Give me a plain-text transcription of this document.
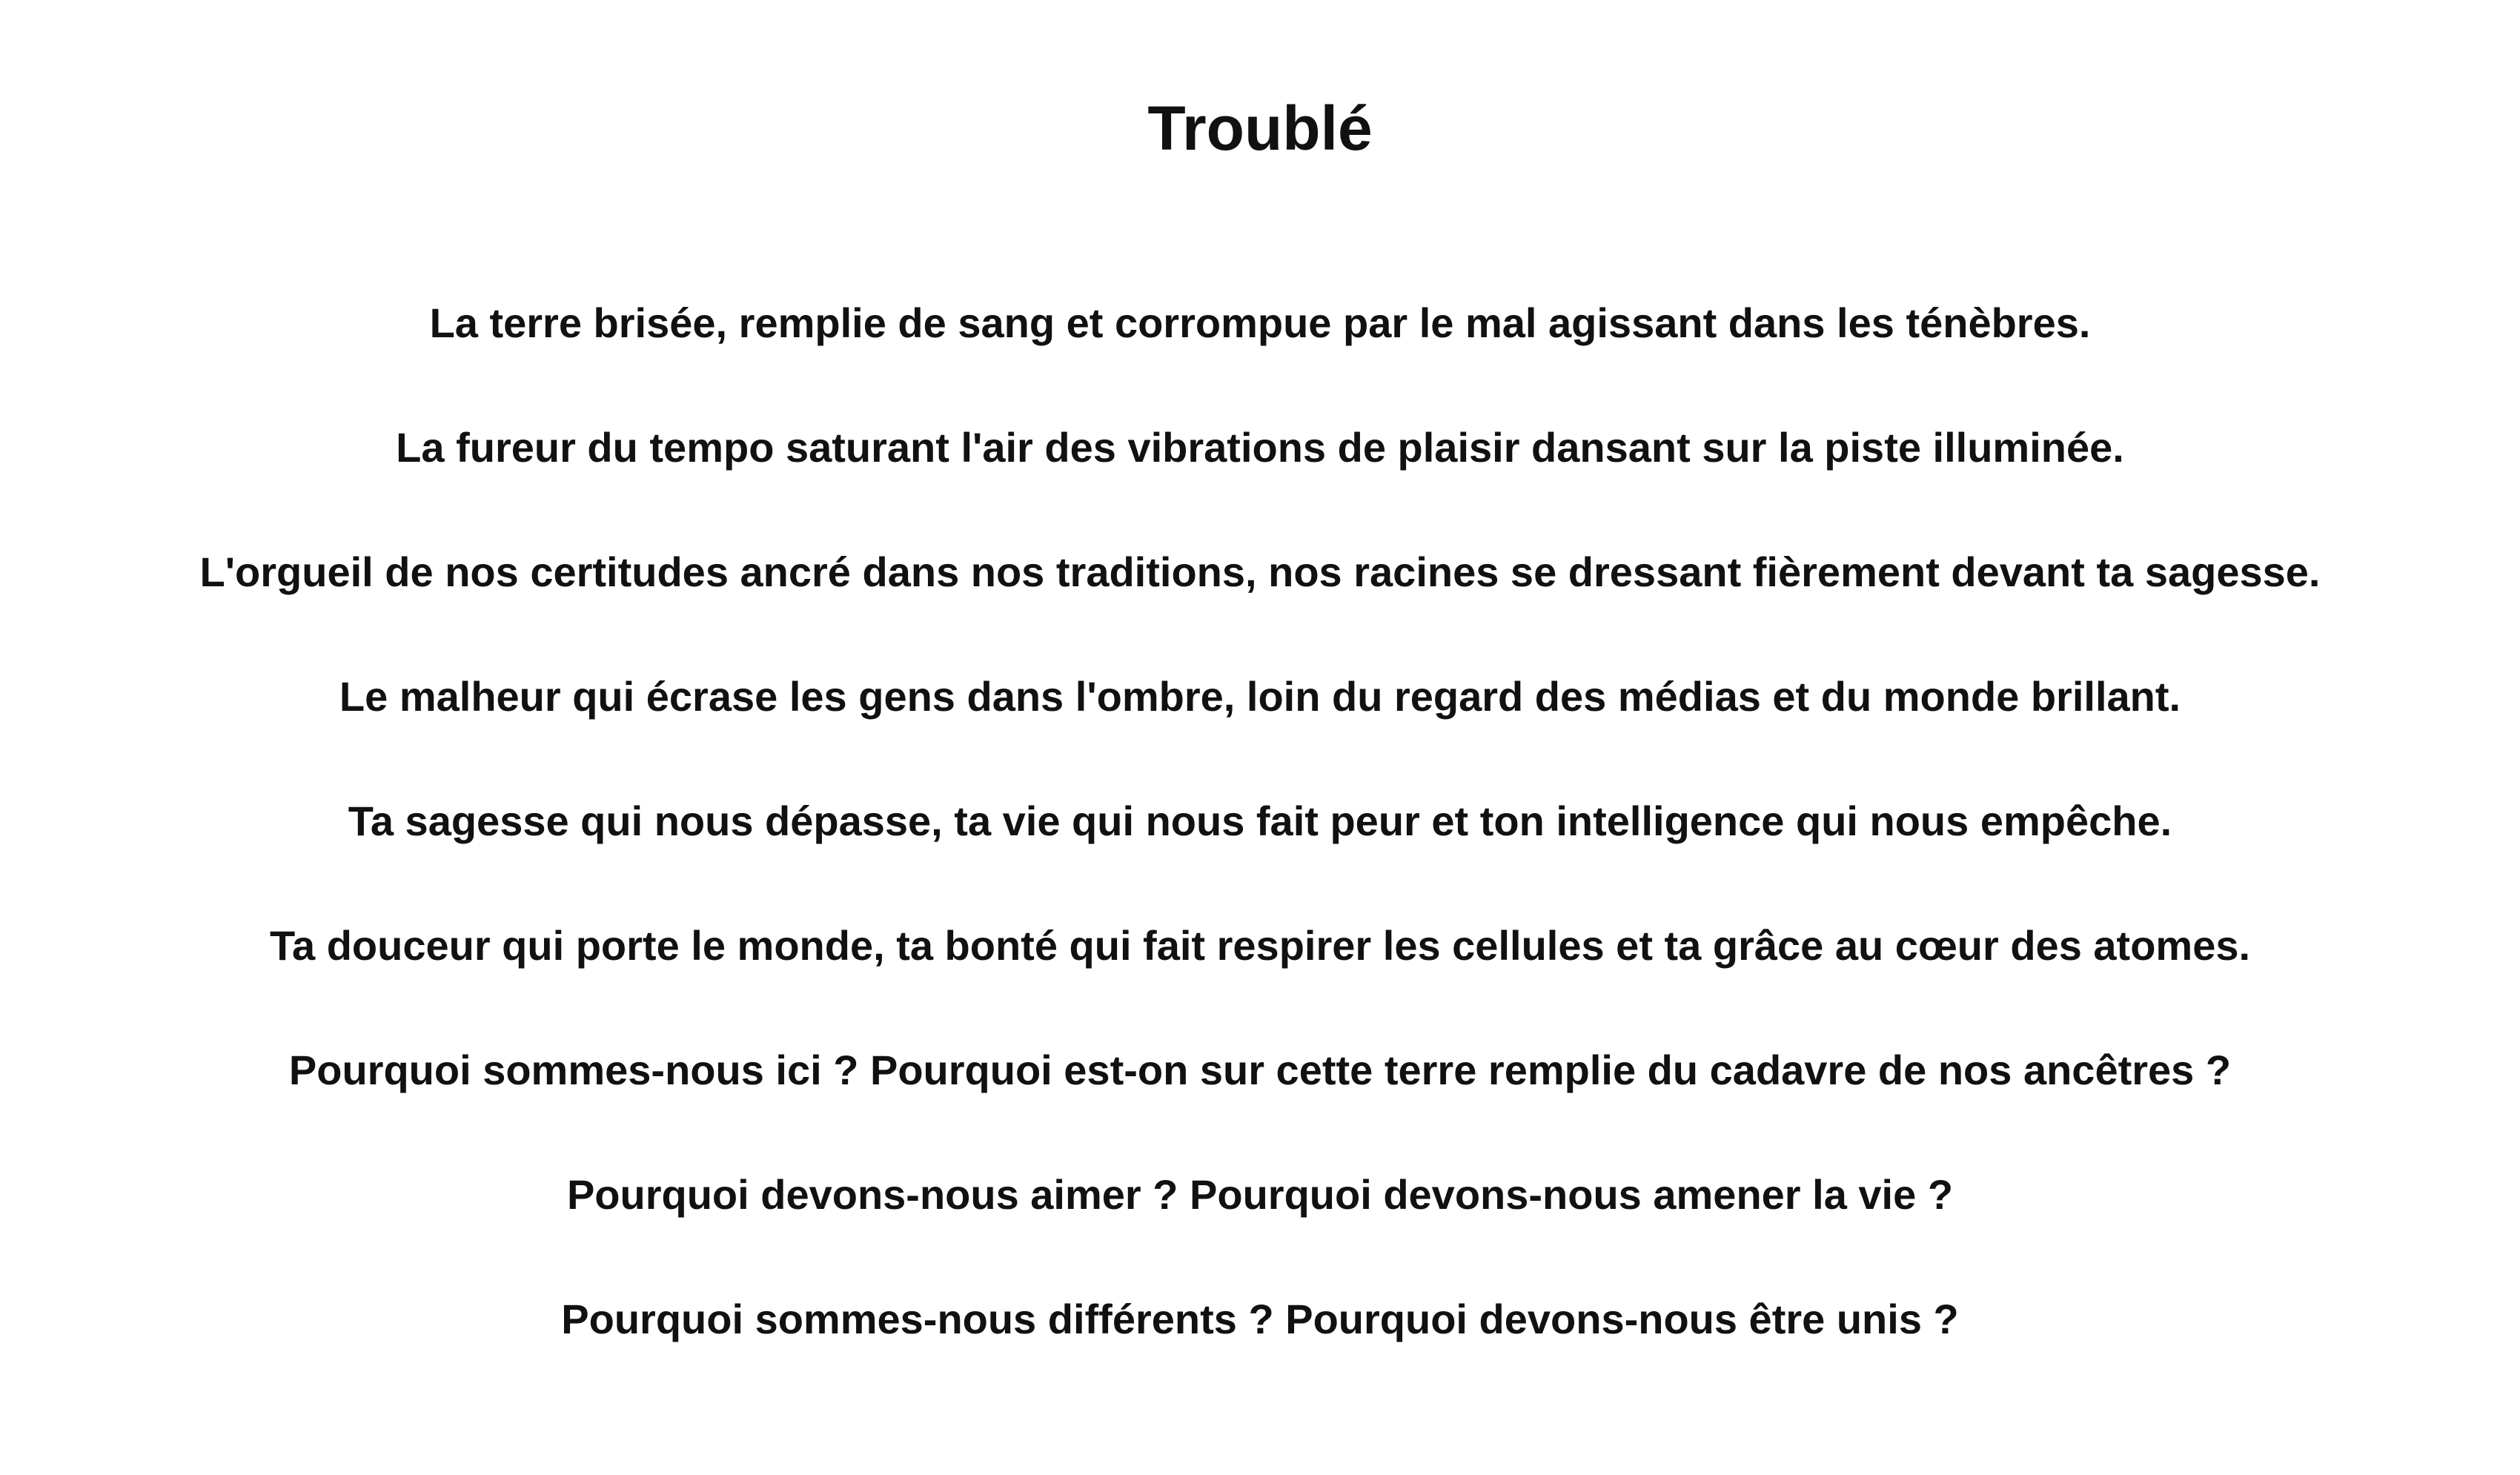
Troublé

La terre brisée, remplie de sang et corrompue par le mal agissant dans les ténèbres.

La fureur du tempo saturant l'air des vibrations de plaisir dansant sur la piste illuminée.

L'orgueil de nos certitudes ancré dans nos traditions, nos racines se dressant fièrement devant ta sagesse.

Le malheur qui écrase les gens dans l'ombre, loin du regard des médias et du monde brillant.

Ta sagesse qui nous dépasse, ta vie qui nous fait peur et ton intelligence qui nous empêche.

Ta douceur qui porte le monde, ta bonté qui fait respirer les cellules et ta grâce au cœur des atomes.

Pourquoi sommes-nous ici ? Pourquoi est-on sur cette terre remplie du cadavre de nos ancêtres ?

Pourquoi devons-nous aimer ? Pourquoi devons-nous amener la vie ?

Pourquoi sommes-nous différents ? Pourquoi devons-nous être unis ?
